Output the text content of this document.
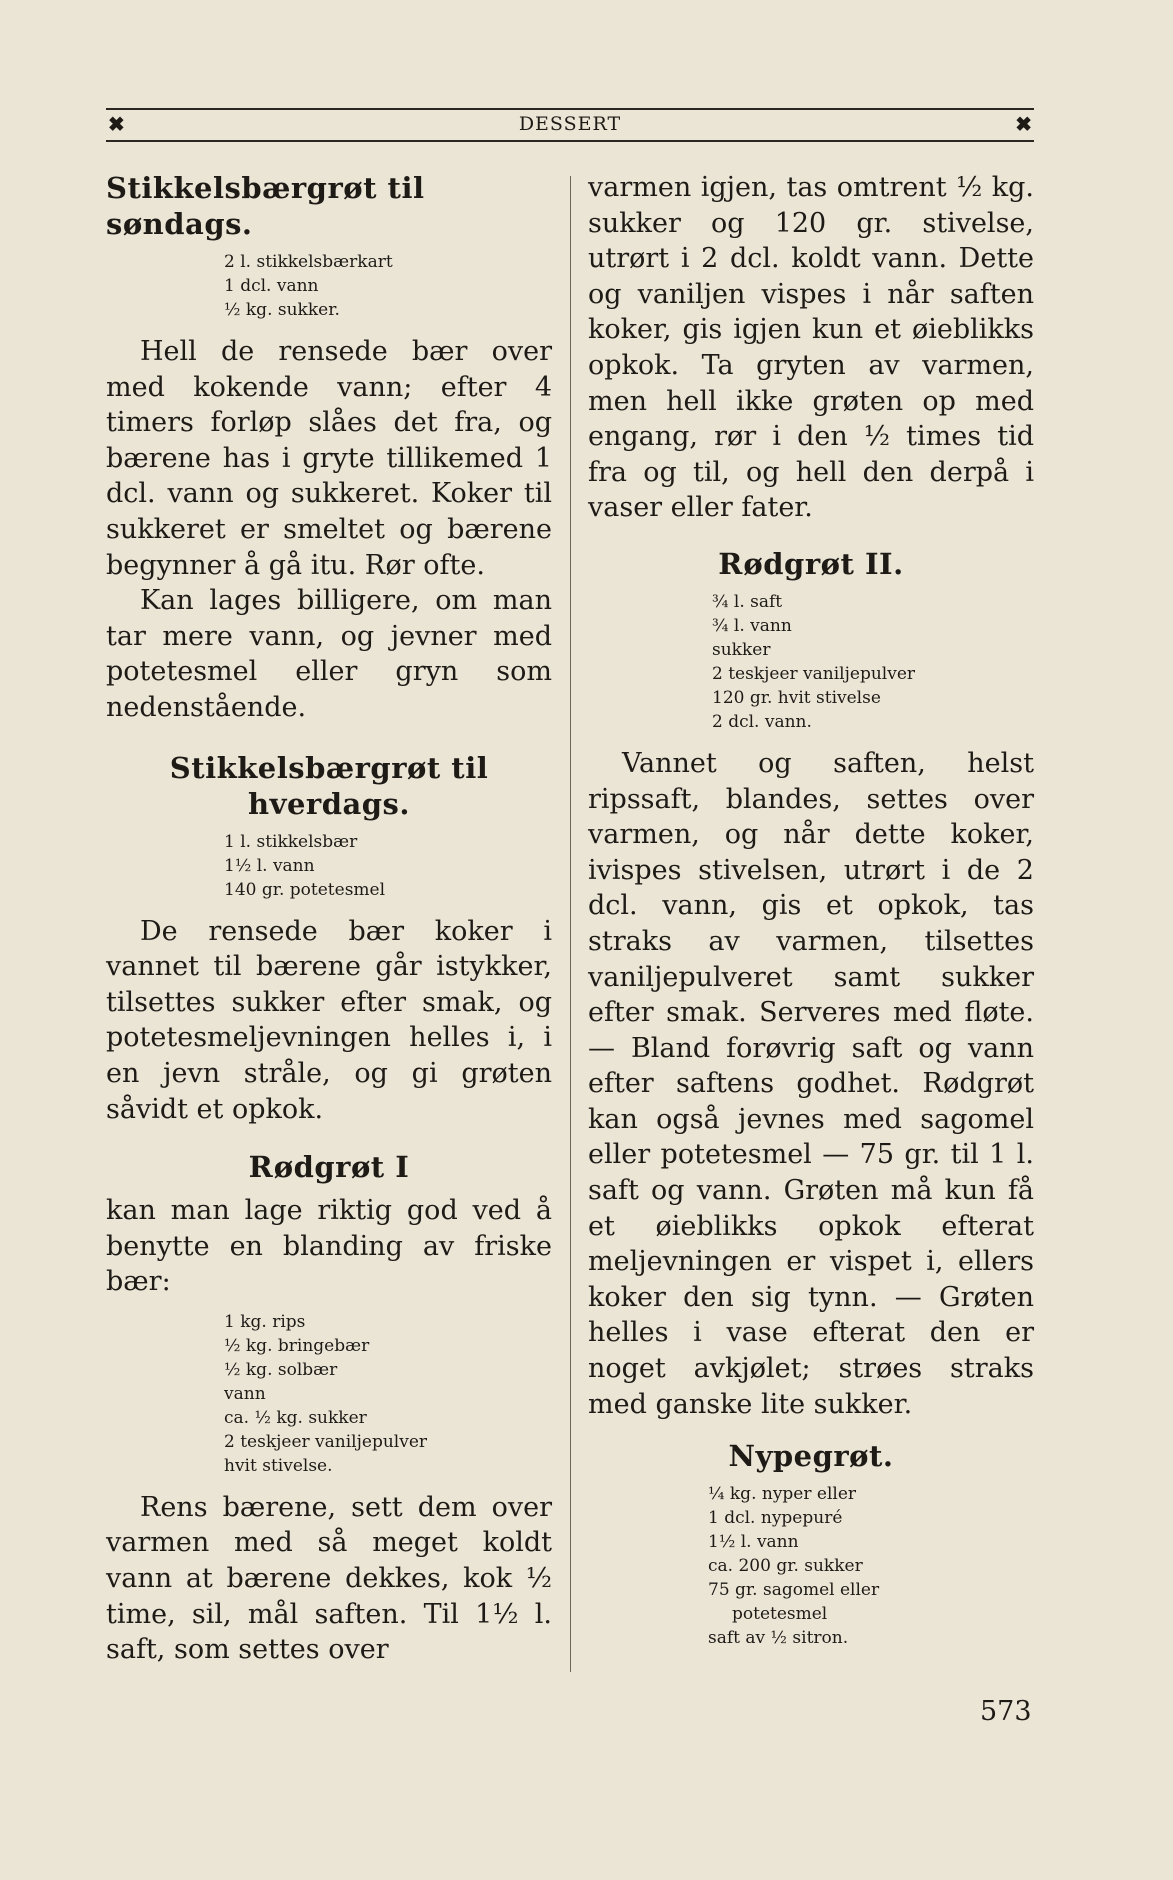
✖	DESSERT	✖
Stikkelsbærgrøt til søndags.
2 l. stikkelsbærkart
1 dcl. vann
½ kg. sukker.

Hell de rensede bær over med kokende vann; efter 4 timers forløp slåes det fra, og bærene has i gryte tillikemed 1 dcl. vann og sukkeret. Koker til sukkeret er smeltet og bærene begynner å gå itu. Rør ofte.

Kan lages billigere, om man tar mere vann, og jevner med potetesmel eller gryn som nedenstående.

Stikkelsbærgrøt til hverdags.
1 l. stikkelsbær
1½ l. vann
140 gr. potetesmel

De rensede bær koker i vannet til bærene går istykker, tilsettes sukker efter smak, og potetesmeljevningen helles i, i en jevn stråle, og gi grøten såvidt et opkok.

Rødgrøt I

kan man lage riktig god ved å benytte en blanding av friske bær:

1 kg. rips
½ kg. bringebær
½ kg. solbær
vann
ca. ½ kg. sukker
2 teskjeer vaniljepulver
hvit stivelse.

Rens bærene, sett dem over varmen med så meget koldt vann at bærene dekkes, kok ½ time, sil, mål saften. Til 1½ l. saft, som settes over

varmen igjen, tas omtrent ½ kg. sukker og 120 gr. stivelse, utrørt i 2 dcl. koldt vann. Dette og vaniljen vispes i når saften koker, gis igjen kun et øieblikks opkok. Ta gryten av varmen, men hell ikke grøten op med engang, rør i den ½ times tid fra og til, og hell den derpå i vaser eller fater.

Rødgrøt II.
¾ l. saft
¾ l. vann
sukker
2 teskjeer vaniljepulver
120 gr. hvit stivelse
2 dcl. vann.

Vannet og saften, helst ripssaft, blandes, settes over varmen, og når dette koker, ivispes stivelsen, utrørt i de 2 dcl. vann, gis et opkok, tas straks av varmen, tilsettes vaniljepulveret samt sukker efter smak. Serveres med fløte. — Bland forøvrig saft og vann efter saftens godhet. Rødgrøt kan også jevnes med sagomel eller potetesmel — 75 gr. til 1 l. saft og vann. Grøten må kun få et øieblikks opkok efterat meljevningen er vispet i, ellers koker den sig tynn. — Grøten helles i vase efterat den er noget avkjølet; strøes straks med ganske lite sukker.

Nypegrøt.
¼ kg. nyper eller
1 dcl. nypepuré
1½ l. vann
ca. 200 gr. sukker
75 gr. sagomel eller
potetesmel
saft av ½ sitron.
573
